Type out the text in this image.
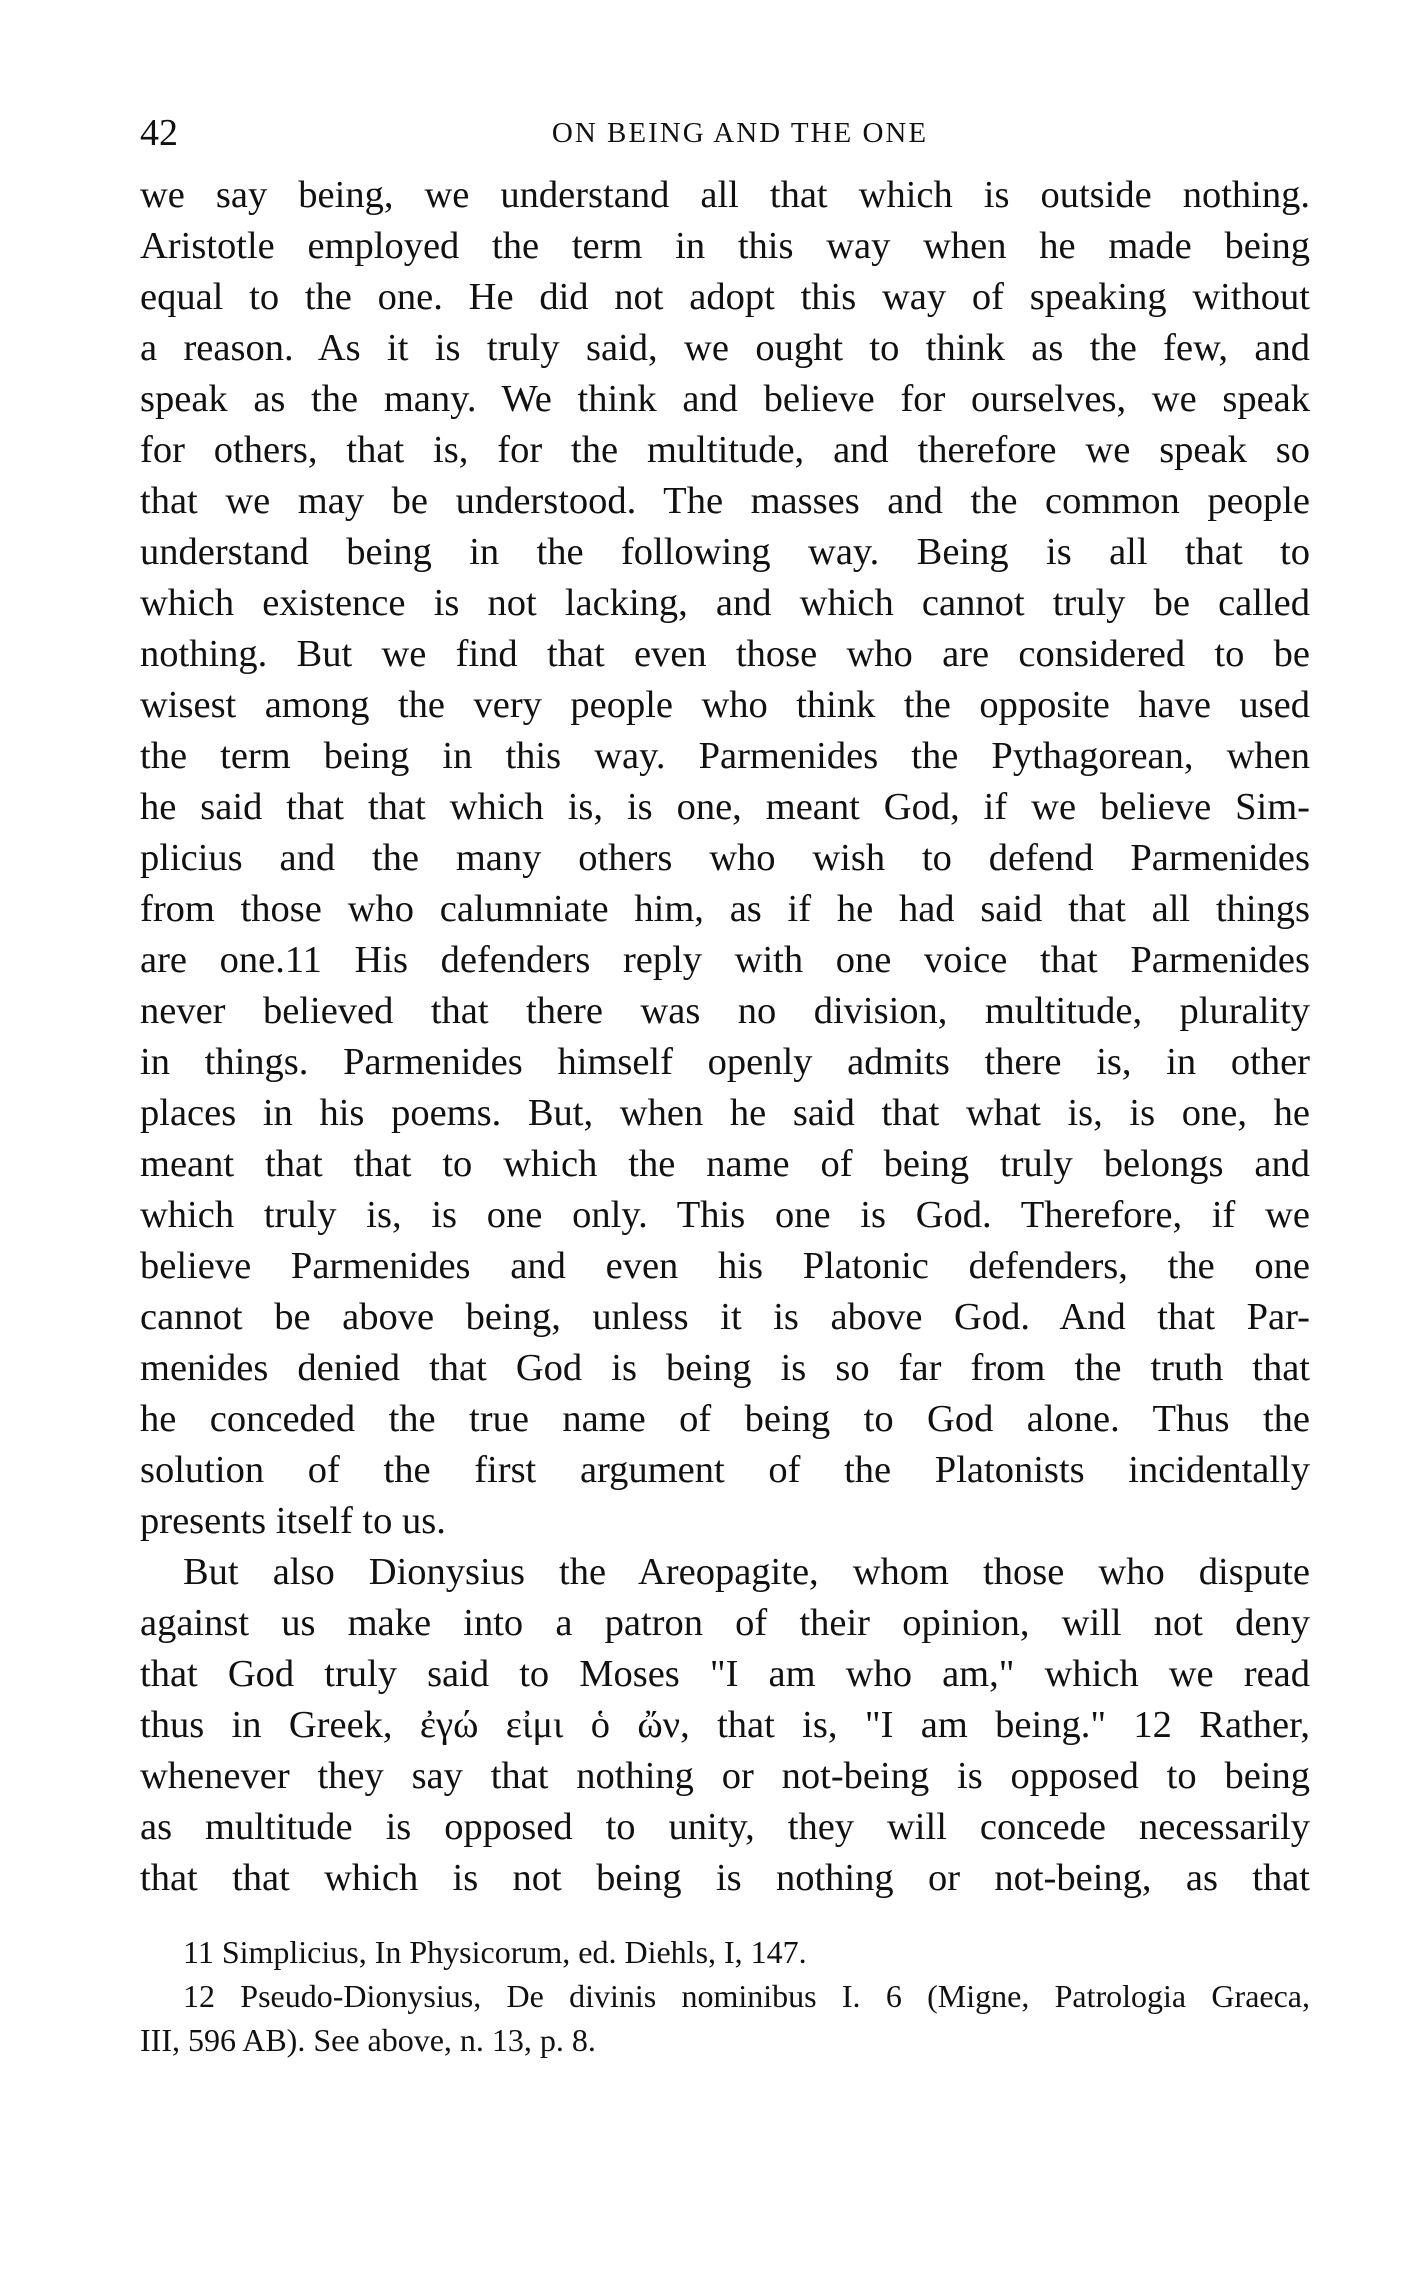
42	ON BEING AND THE ONE
we say being, we understand all that which is outside nothing.
Aristotle employed the term in this way when he made being
equal to the one. He did not adopt this way of speaking without
a reason. As it is truly said, we ought to think as the few, and
speak as the many. We think and believe for ourselves, we speak
for others, that is, for the multitude, and therefore we speak so
that we may be understood. The masses and the common people
understand being in the following way. Being is all that to
which existence is not lacking, and which cannot truly be called
nothing. But we find that even those who are considered to be
wisest among the very people who think the opposite have used
the term being in this way. Parmenides the Pythagorean, when
he said that that which is, is one, meant God, if we believe Sim-
plicius and the many others who wish to defend Parmenides
from those who calumniate him, as if he had said that all things
are one.11 His defenders reply with one voice that Parmenides
never believed that there was no division, multitude, plurality
in things. Parmenides himself openly admits there is, in other
places in his poems. But, when he said that what is, is one, he
meant that that to which the name of being truly belongs and
which truly is, is one only. This one is God. Therefore, if we
believe Parmenides and even his Platonic defenders, the one
cannot be above being, unless it is above God. And that Par-
menides denied that God is being is so far from the truth that
he conceded the true name of being to God alone. Thus the
solution of the first argument of the Platonists incidentally
presents itself to us.
But also Dionysius the Areopagite, whom those who dispute
against us make into a patron of their opinion, will not deny
that God truly said to Moses "I am who am," which we read
thus in Greek, ἐγώ εἰμι ὁ ὤν, that is, "I am being." 12 Rather,
whenever they say that nothing or not-being is opposed to being
as multitude is opposed to unity, they will concede necessarily
that that which is not being is nothing or not-being, as that
11 Simplicius, In Physicorum, ed. Diehls, I, 147.
12 Pseudo-Dionysius, De divinis nominibus I. 6 (Migne, Patrologia Graeca,
III, 596 AB). See above, n. 13, p. 8.
